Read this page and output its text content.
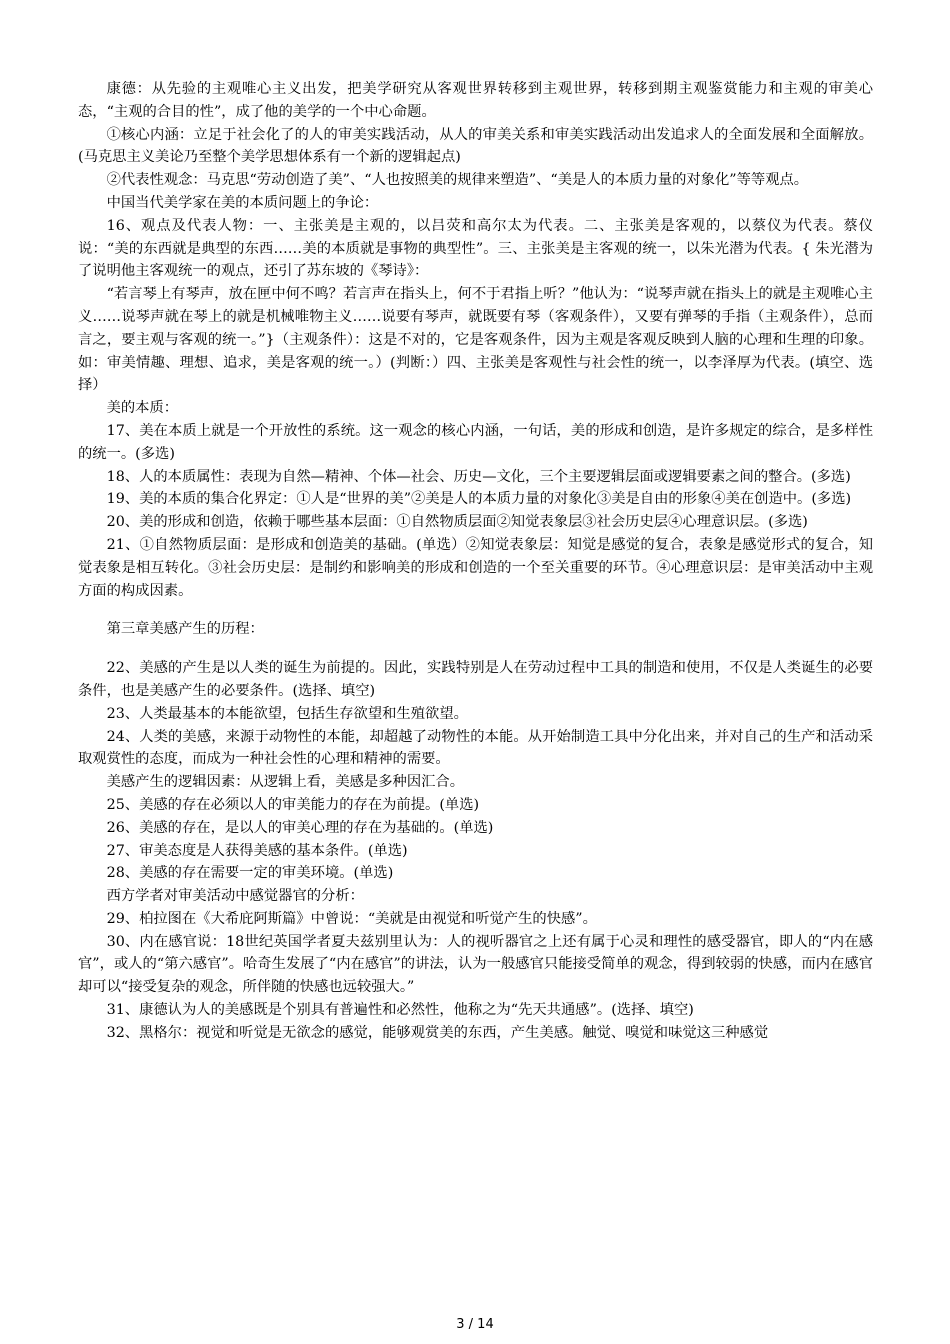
康德：从先验的主观唯心主义出发，把美学研究从客观世界转移到主观世界，转移到期主观鉴赏能力和主观的审美心态，“主观的合目的性”，成了他的美学的一个中心命题。

①核心内涵：立足于社会化了的人的审美实践活动，从人的审美关系和审美实践活动出发追求人的全面发展和全面解放。(马克思主义美论乃至整个美学思想体系有一个新的逻辑起点)

②代表性观念：马克思“劳动创造了美”、“人也按照美的规律来塑造”、“美是人的本质力量的对象化”等等观点。

中国当代美学家在美的本质问题上的争论：

16、观点及代表人物：一、主张美是主观的，以吕荧和高尔太为代表。二、主张美是客观的，以蔡仪为代表。蔡仪说：“美的东西就是典型的东西……美的本质就是事物的典型性”。三、主张美是主客观的统一，以朱光潜为代表。{ 朱光潜为了说明他主客观统一的观点，还引了苏东坡的《琴诗》：

“若言琴上有琴声，放在匣中何不鸣？若言声在指头上，何不于君指上听？”他认为：“说琴声就在指头上的就是主观唯心主义……说琴声就在琴上的就是机械唯物主义……说要有琴声，就既要有琴（客观条件），又要有弹琴的手指（主观条件），总而言之，要主观与客观的统一。”}（主观条件）：这是不对的，它是客观条件，因为主观是客观反映到人脑的心理和生理的印象。如：审美情趣、理想、追求，美是客观的统一。）(判断：）四、主张美是客观性与社会性的统一，以李泽厚为代表。(填空、选择）

美的本质：

17、美在本质上就是一个开放性的系统。这一观念的核心内涵，一句话，美的形成和创造，是许多规定的综合，是多样性的统一。(多选)

18、人的本质属性：表现为自然—精神、个体—社会、历史—文化，三个主要逻辑层面或逻辑要素之间的整合。(多选)

19、美的本质的集合化界定：①人是“世界的美”②美是人的本质力量的对象化③美是自由的形象④美在创造中。(多选)

20、美的形成和创造，依赖于哪些基本层面：①自然物质层面②知觉表象层③社会历史层④心理意识层。(多选)

21、①自然物质层面：是形成和创造美的基础。(单选）②知觉表象层：知觉是感觉的复合，表象是感觉形式的复合，知觉表象是相互转化。③社会历史层：是制约和影响美的形成和创造的一个至关重要的环节。④心理意识层：是审美活动中主观方面的构成因素。

第三章美感产生的历程：

22、美感的产生是以人类的诞生为前提的。因此，实践特别是人在劳动过程中工具的制造和使用，不仅是人类诞生的必要条件，也是美感产生的必要条件。(选择、填空)

23、人类最基本的本能欲望，包括生存欲望和生殖欲望。

24、人类的美感，来源于动物性的本能，却超越了动物性的本能。从开始制造工具中分化出来，并对自己的生产和活动采取观赏性的态度，而成为一种社会性的心理和精神的需要。

美感产生的逻辑因素：从逻辑上看，美感是多种因汇合。

25、美感的存在必须以人的审美能力的存在为前提。(单选)

26、美感的存在，是以人的审美心理的存在为基础的。(单选)

27、审美态度是人获得美感的基本条件。(单选)

28、美感的存在需要一定的审美环境。(单选)

西方学者对审美活动中感觉器官的分析：

29、柏拉图在《大希庇阿斯篇》中曾说：“美就是由视觉和听觉产生的快感”。

30、内在感官说：18世纪英国学者夏夫兹别里认为：人的视听器官之上还有属于心灵和理性的感受器官，即人的“内在感官”，或人的“第六感官”。哈奇生发展了“内在感官”的讲法，认为一般感官只能接受简单的观念，得到较弱的快感，而内在感官却可以“接受复杂的观念，所伴随的快感也远较强大。”

31、康德认为人的美感既是个别具有普遍性和必然性，他称之为“先天共通感”。(选择、填空)

32、黑格尔：视觉和听觉是无欲念的感觉，能够观赏美的东西，产生美感。触觉、嗅觉和味觉这三种感觉

3 / 14
